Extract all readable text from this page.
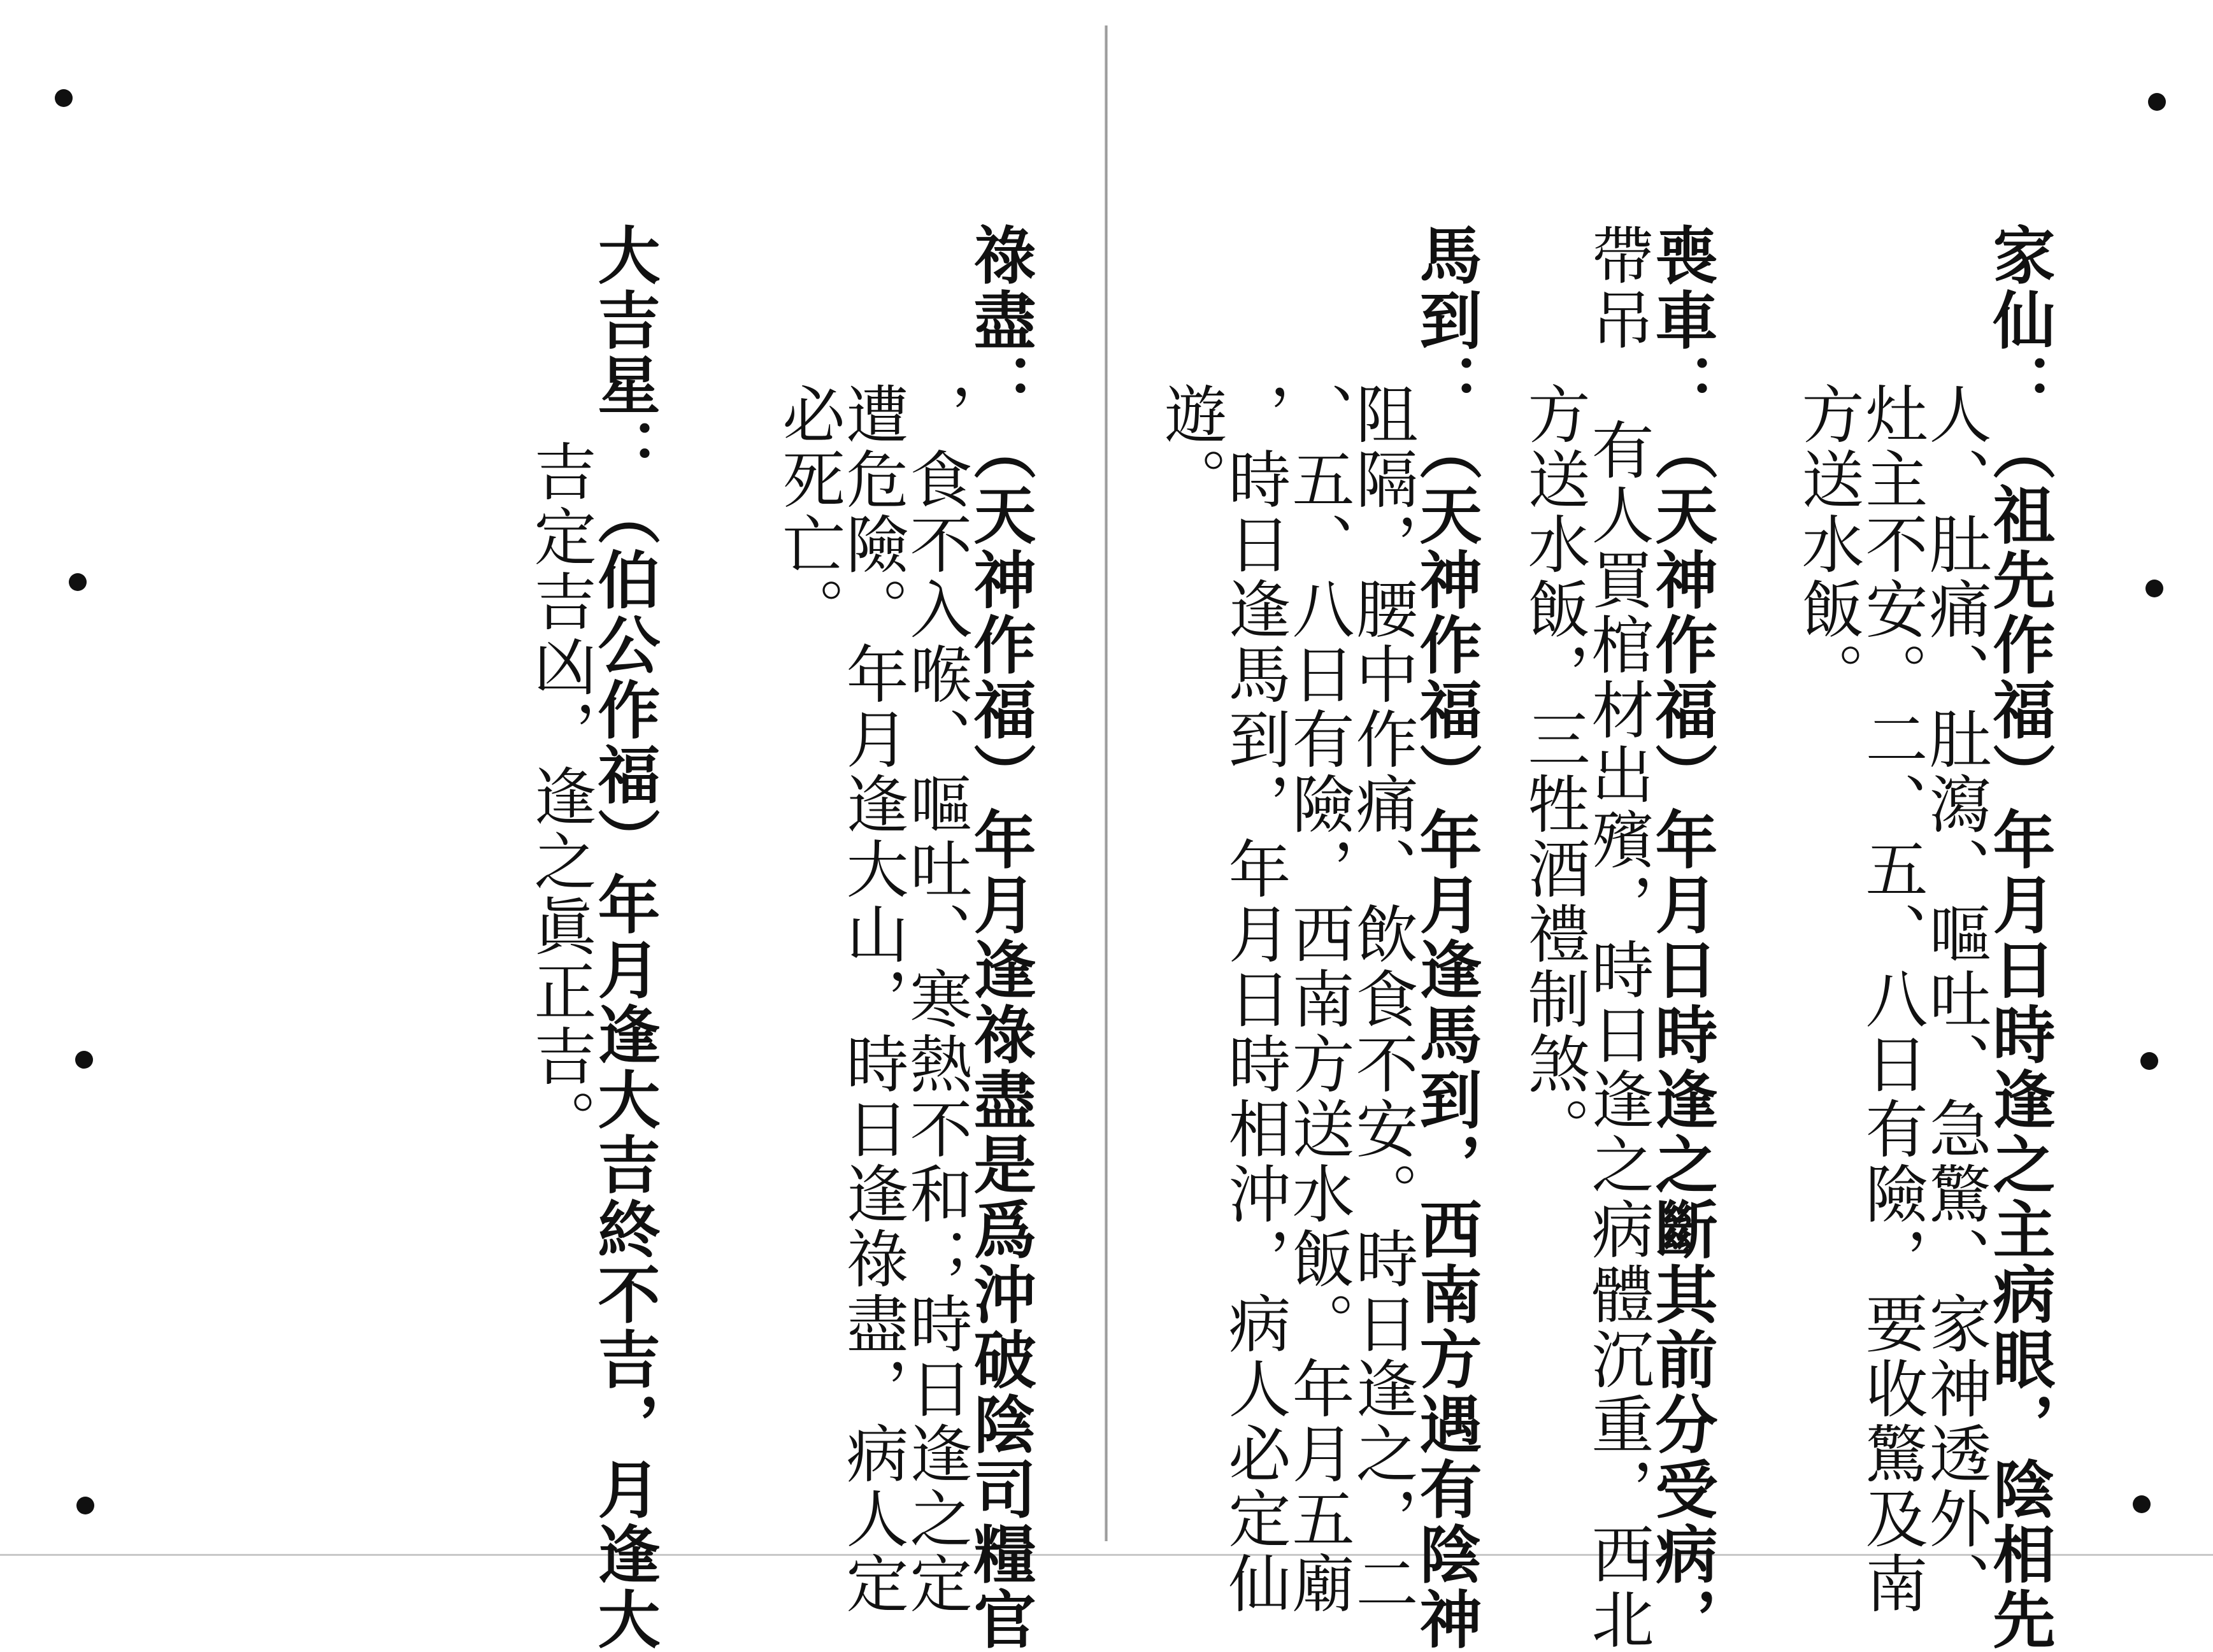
家仙：（祖先作福）年月日時逢之主病眼，陰相先
人、肚痛、肚瀉、嘔吐、急驚、家神透外、
灶主不安。二、五、八日有險，要收驚及南
方送水飯。
喪車：（天神作福）年月日時逢之斷其前分受病，
帶吊　有人買棺材出殯，時日逢之病體沉重，西北
方送水飯，三牲酒禮制煞。
馬到：（天神作福）年月逢馬到，西南方遇有陰神
阻隔，腰中作痛、飲食不安。時日逢之，二
、五、八日有險，西南方送水飯。年月五廟
，時日逢馬到，年月日時相沖，病人必定仙
遊。
祿盡：（天神作福）年月逢祿盡是爲沖破陰司糧官
，食不入喉、嘔吐、寒熱不和；時日逢之定
遭危險。年月逢大山，時日逢祿盡，病人定
必死亡。
大吉星：（伯公作福）年月逢大吉終不吉，月逢大
吉定吉凶，逢之眞正吉。
